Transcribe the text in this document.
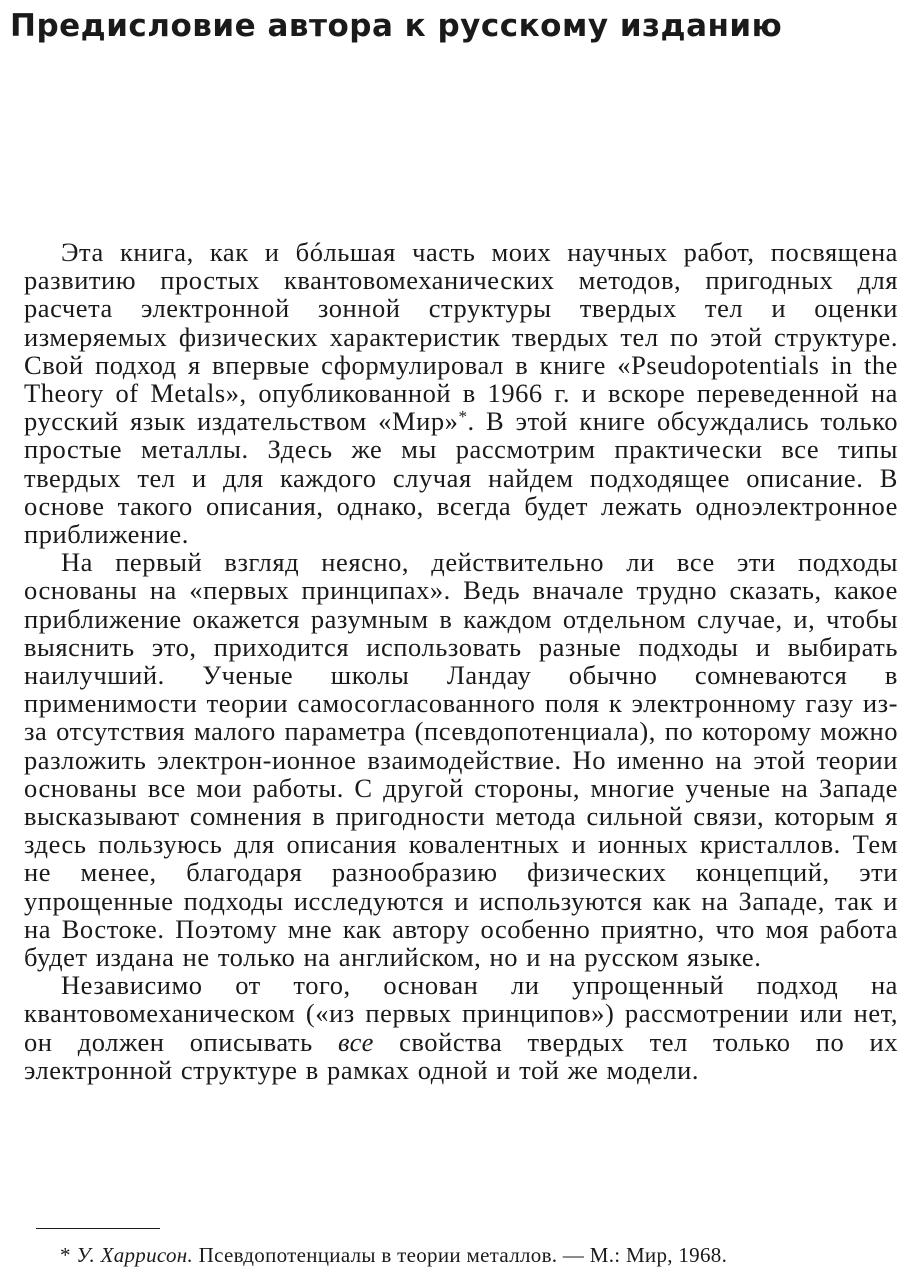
Предисловие автора к русскому изданию

Эта книга, как и бóльшая часть моих научных работ, посвящена развитию простых квантовомеханических методов, пригодных для расчета электронной зонной структуры твердых тел и оценки измеряемых физических характеристик твердых тел по этой структуре. Свой подход я впервые сформулировал в книге «Pseudopotentials in the Theory of Metals», опубликованной в 1966 г. и вскоре переведенной на русский язык издательством «Мир»*. В этой книге обсуждались только простые металлы. Здесь же мы рассмотрим практически все типы твердых тел и для каждого случая найдем подходящее описание. В основе такого описания, однако, всегда будет лежать одноэлектронное приближение.

На первый взгляд неясно, действительно ли все эти подходы основаны на «первых принципах». Ведь вначале трудно сказать, какое приближение окажется разумным в каждом отдельном случае, и, чтобы выяснить это, приходится использовать разные подходы и выбирать наилучший. Ученые школы Ландау обычно сомневаются в применимости теории самосогласованного поля к электронному газу из-за отсутствия малого параметра (псевдопотенциала), по которому можно разложить электрон-ионное взаимодействие. Но именно на этой теории основаны все мои работы. С другой стороны, многие ученые на Западе высказывают сомнения в пригодности метода сильной связи, которым я здесь пользуюсь для описания ковалентных и ионных кристаллов. Тем не менее, благодаря разнообразию физических концепций, эти упрощенные подходы исследуются и используются как на Западе, так и на Востоке. Поэтому мне как автору особенно приятно, что моя работа будет издана не только на английском, но и на русском языке.

Независимо от того, основан ли упрощенный подход на квантовомеханическом («из первых принципов») рассмотрении или нет, он должен описывать все свойства твердых тел только по их электронной структуре в рамках одной и той же модели.

* У. Харрисон. Псевдопотенциалы в теории металлов. — М.: Мир, 1968.
